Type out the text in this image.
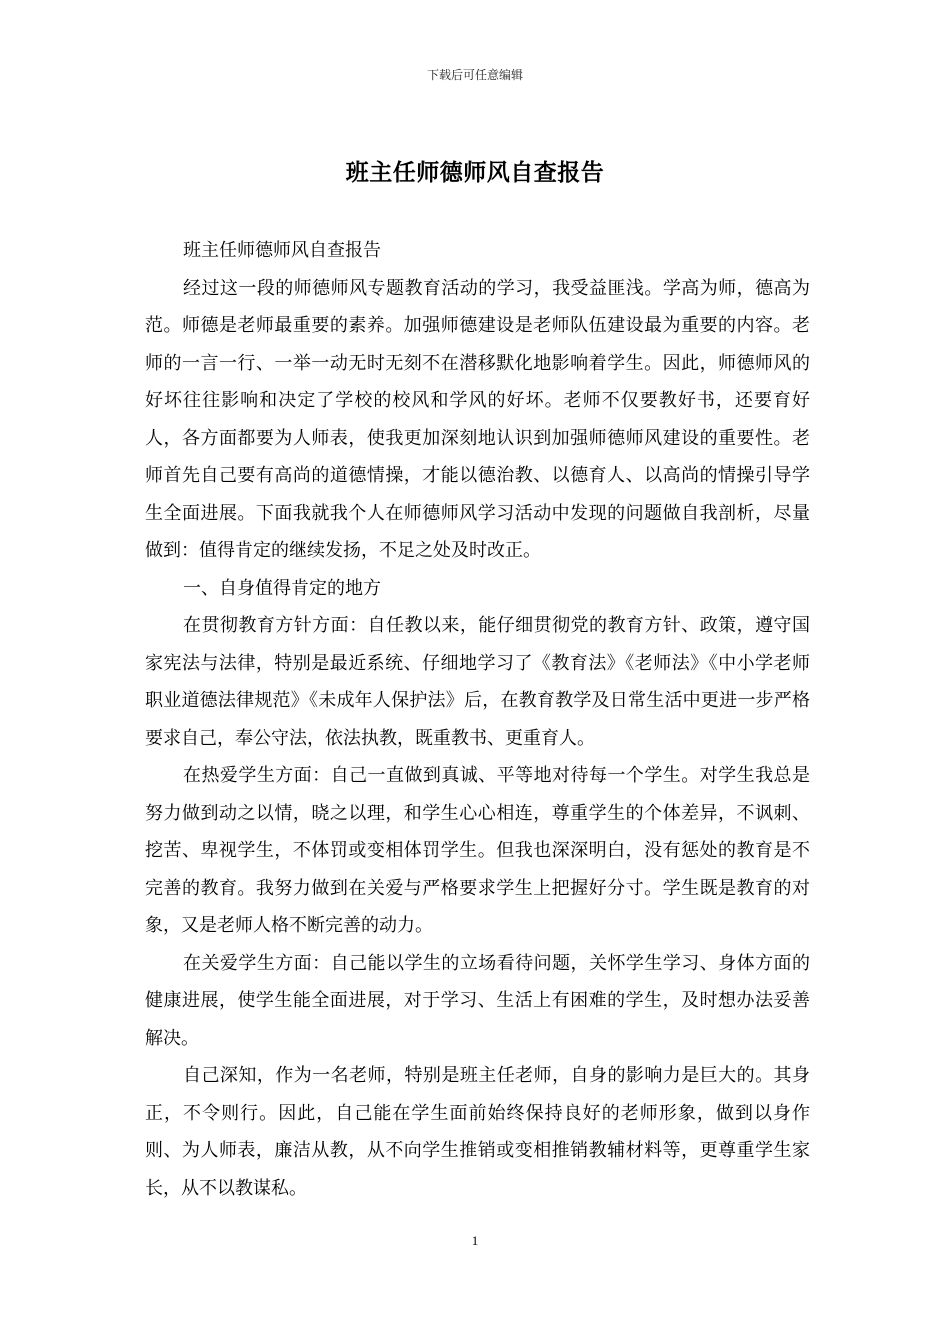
下载后可任意编辑
班主任师德师风自查报告

班主任师德师风自查报告

经过这一段的师德师风专题教育活动的学习，我受益匪浅。学高为师，德高为范。师德是老师最重要的素养。加强师德建设是老师队伍建设最为重要的内容。老师的一言一行、一举一动无时无刻不在潜移默化地影响着学生。因此，师德师风的好坏往往影响和决定了学校的校风和学风的好坏。老师不仅要教好书，还要育好人，各方面都要为人师表，使我更加深刻地认识到加强师德师风建设的重要性。老师首先自己要有高尚的道德情操，才能以德治教、以德育人、以高尚的情操引导学生全面进展。下面我就我个人在师德师风学习活动中发现的问题做自我剖析，尽量做到：值得肯定的继续发扬，不足之处及时改正。

一、自身值得肯定的地方

在贯彻教育方针方面：自任教以来，能仔细贯彻党的教育方针、政策，遵守国家宪法与法律，特别是最近系统、仔细地学习了《教育法》《老师法》《中小学老师职业道德法律规范》《未成年人保护法》后，在教育教学及日常生活中更进一步严格要求自己，奉公守法，依法执教，既重教书、更重育人。

在热爱学生方面：自己一直做到真诚、平等地对待每一个学生。对学生我总是努力做到动之以情，晓之以理，和学生心心相连，尊重学生的个体差异，不讽刺、挖苦、卑视学生，不体罚或变相体罚学生。但我也深深明白，没有惩处的教育是不完善的教育。我努力做到在关爱与严格要求学生上把握好分寸。学生既是教育的对象，又是老师人格不断完善的动力。

在关爱学生方面：自己能以学生的立场看待问题，关怀学生学习、身体方面的健康进展，使学生能全面进展，对于学习、生活上有困难的学生，及时想办法妥善解决。

自己深知，作为一名老师，特别是班主任老师，自身的影响力是巨大的。其身正，不令则行。因此，自己能在学生面前始终保持良好的老师形象，做到以身作则、为人师表，廉洁从教，从不向学生推销或变相推销教辅材料等，更尊重学生家长，从不以教谋私。

1
